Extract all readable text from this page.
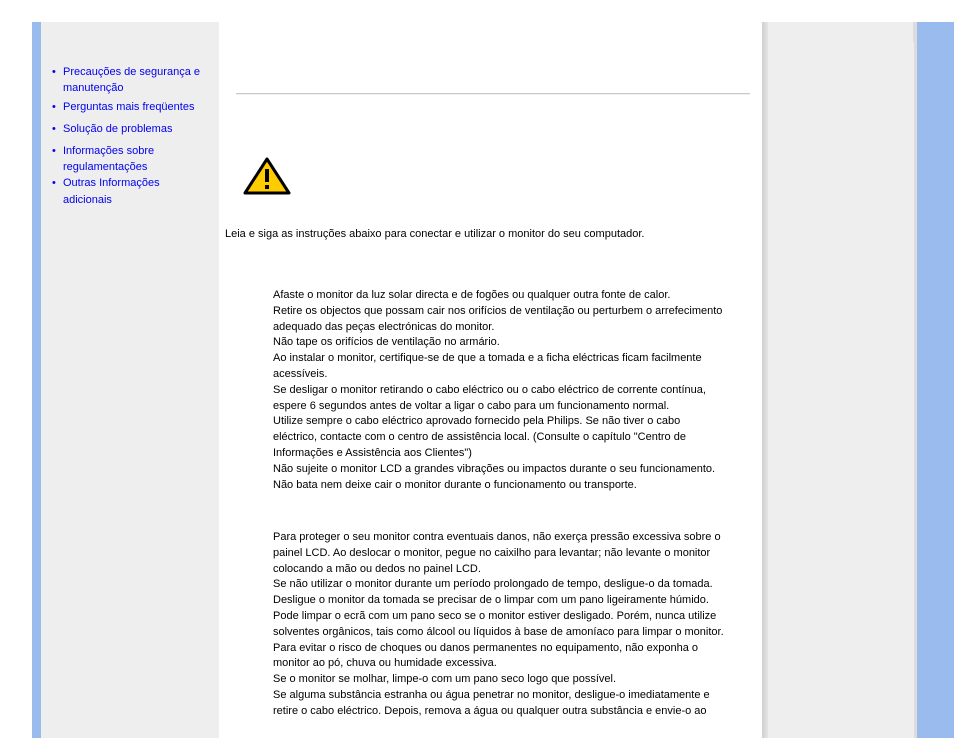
• Precauções de segurança e manutenção
• Perguntas mais freqüentes
• Solução de problemas
• Informações sobre regulamentações
• Outras Informações adicionais
Leia e siga as instruções abaixo para conectar e utilizar o monitor do seu computador.

Afaste o monitor da luz solar directa e de fogões ou qualquer outra fonte de calor.

Retire os objectos que possam cair nos orifícios de ventilação ou perturbem o arrefecimento

adequado das peças electrónicas do monitor.

Não tape os orifícios de ventilação no armário.

Ao instalar o monitor, certifique-se de que a tomada e a ficha eléctricas ficam facilmente

acessíveis.

Se desligar o monitor retirando o cabo eléctrico ou o cabo eléctrico de corrente contínua,

espere 6 segundos antes de voltar a ligar o cabo para um funcionamento normal.

Utilize sempre o cabo eléctrico aprovado fornecido pela Philips. Se não tiver o cabo

eléctrico, contacte com o centro de assistência local. (Consulte o capítulo "Centro de

Informações e Assistência aos Clientes")

Não sujeite o monitor LCD a grandes vibrações ou impactos durante o seu funcionamento.

Não bata nem deixe cair o monitor durante o funcionamento ou transporte.

Para proteger o seu monitor contra eventuais danos, não exerça pressão excessiva sobre o

painel LCD. Ao deslocar o monitor, pegue no caixilho para levantar; não levante o monitor

colocando a mão ou dedos no painel LCD.

Se não utilizar o monitor durante um período prolongado de tempo, desligue-o da tomada.

Desligue o monitor da tomada se precisar de o limpar com um pano ligeiramente húmido.

Pode limpar o ecrã com um pano seco se o monitor estiver desligado. Porém, nunca utilize

solventes orgânicos, tais como álcool ou líquidos à base de amoníaco para limpar o monitor.

Para evitar o risco de choques ou danos permanentes no equipamento, não exponha o

monitor ao pó, chuva ou humidade excessiva.

Se o monitor se molhar, limpe-o com um pano seco logo que possível.

Se alguma substância estranha ou água penetrar no monitor, desligue-o imediatamente e

retire o cabo eléctrico. Depois, remova a água ou qualquer outra substância e envie-o ao
